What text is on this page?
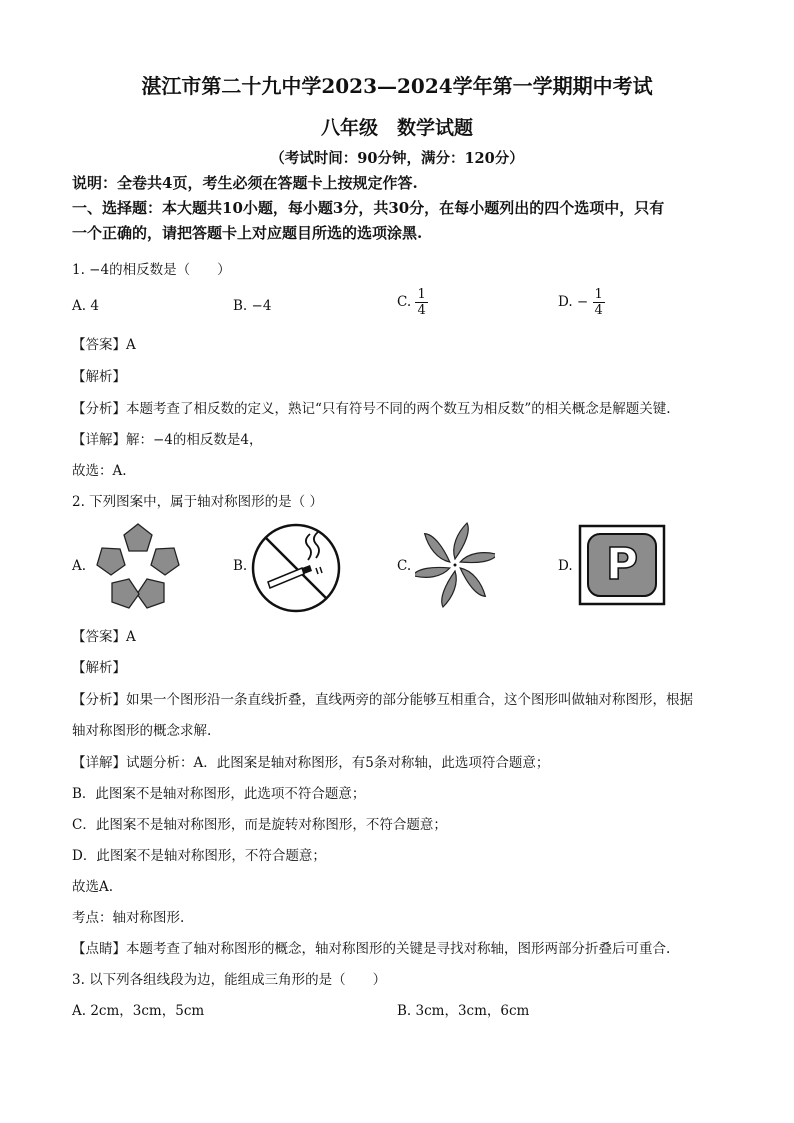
湛江市第二十九中学2023—2024学年第一学期期中考试
八年级　数学试题
（考试时间：90分钟，满分：120分）
说明：全卷共4页，考生必须在答题卡上按规定作答.
一、选择题：本大题共10小题，每小题3分，共30分，在每小题列出的四个选项中，只有
一个正确的，请把答题卡上对应题目所选的选项涂黑.
1. −4的相反数是（　　）
A. 4	B. −4	C. $\frac{1}{4}$	D. − $\frac{1}{4}$
【答案】A
【解析】
【分析】本题考查了相反数的定义，熟记“只有符号不同的两个数互为相反数”的相关概念是解题关键.
【详解】解：−4的相反数是4，
故选：A.
2. 下列图案中，属于轴对称图形的是（ ）
A.	B.	C.	D. P
【答案】A
【解析】
【分析】如果一个图形沿一条直线折叠，直线两旁的部分能够互相重合，这个图形叫做轴对称图形，根据
轴对称图形的概念求解.
【详解】试题分析：A．此图案是轴对称图形，有5条对称轴，此选项符合题意；
B．此图案不是轴对称图形，此选项不符合题意；
C．此图案不是轴对称图形，而是旋转对称图形，不符合题意；
D．此图案不是轴对称图形，不符合题意；
故选A.
考点：轴对称图形.
【点睛】本题考查了轴对称图形的概念，轴对称图形的关键是寻找对称轴，图形两部分折叠后可重合.
3. 以下列各组线段为边，能组成三角形的是（　　）
A. 2cm，3cm，5cm	B. 3cm，3cm，6cm
